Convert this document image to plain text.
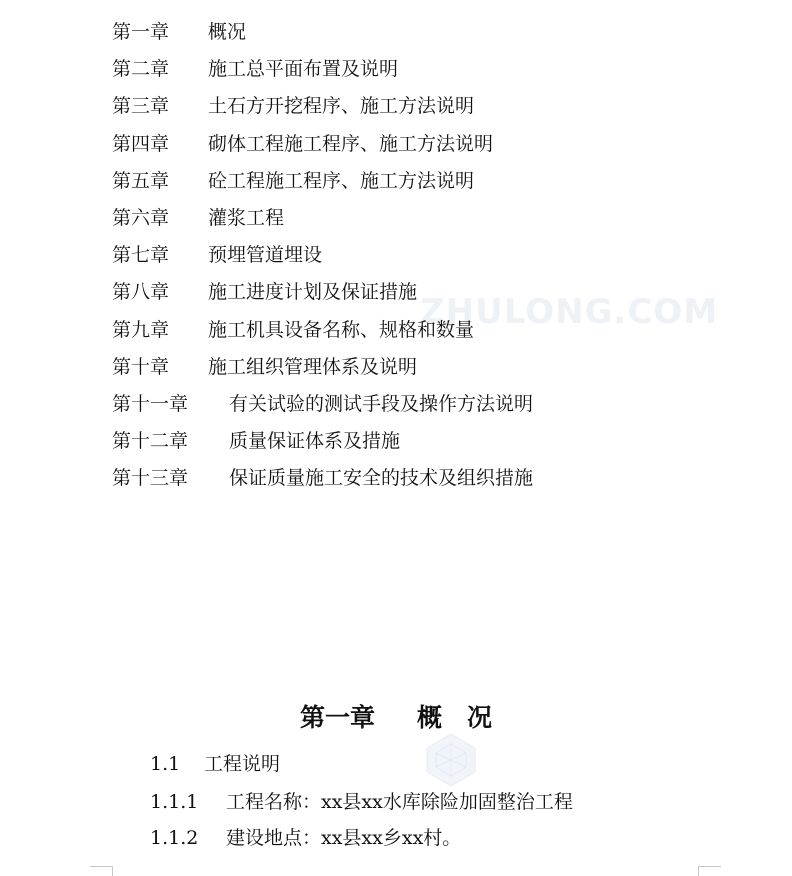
ZHULONG.COM
第一章 概况
第二章 施工总平面布置及说明
第三章 土石方开挖程序、施工方法说明
第四章 砌体工程施工程序、施工方法说明
第五章 砼工程施工程序、施工方法说明
第六章 灌浆工程
第七章 预埋管道埋设
第八章 施工进度计划及保证措施
第九章 施工机具设备名称、规格和数量
第十章 施工组织管理体系及说明
第十一章 有关试验的测试手段及操作方法说明
第十二章 质量保证体系及措施
第十三章 保证质量施工安全的技术及组织措施
第一章 概　况
1.1 工程说明
1.1.1 工程名称：xx县xx水库除险加固整治工程
1.1.2 建设地点：xx县xx乡xx村。
